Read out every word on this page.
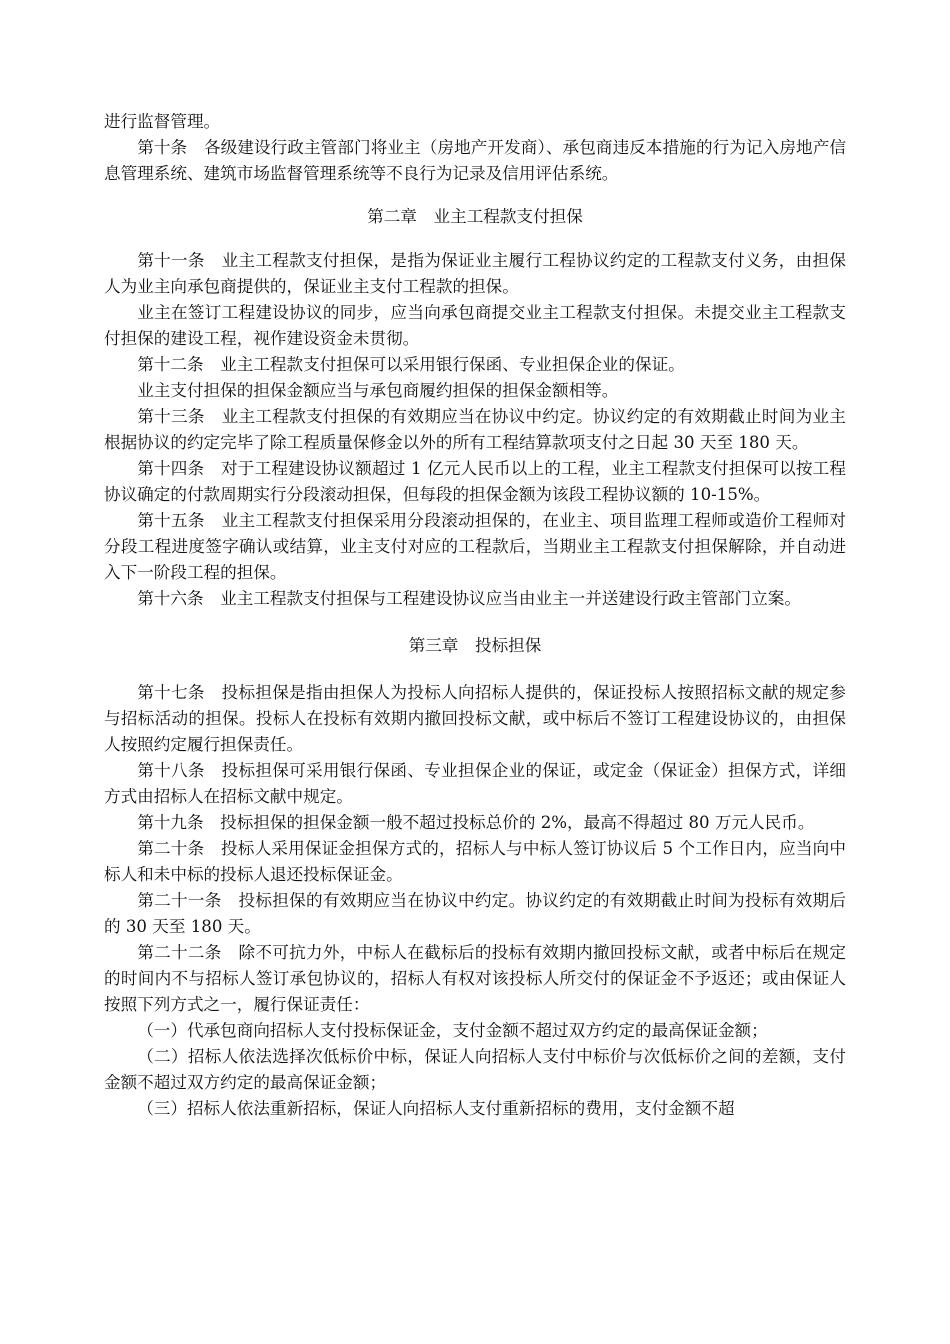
进行监督管理。

第十条　各级建设行政主管部门将业主（房地产开发商）、承包商违反本措施的行为记入房地产信息管理系统、建筑市场监督管理系统等不良行为记录及信用评估系统。

第二章　业主工程款支付担保

第十一条　业主工程款支付担保，是指为保证业主履行工程协议约定的工程款支付义务，由担保人为业主向承包商提供的，保证业主支付工程款的担保。

业主在签订工程建设协议的同步，应当向承包商提交业主工程款支付担保。未提交业主工程款支付担保的建设工程，视作建设资金未贯彻。

第十二条　业主工程款支付担保可以采用银行保函、专业担保企业的保证。

业主支付担保的担保金额应当与承包商履约担保的担保金额相等。

第十三条　业主工程款支付担保的有效期应当在协议中约定。协议约定的有效期截止时间为业主根据协议的约定完毕了除工程质量保修金以外的所有工程结算款项支付之日起 30 天至 180 天。

第十四条　对于工程建设协议额超过 1 亿元人民币以上的工程，业主工程款支付担保可以按工程协议确定的付款周期实行分段滚动担保，但每段的担保金额为该段工程协议额的 10-15%。

第十五条　业主工程款支付担保采用分段滚动担保的，在业主、项目监理工程师或造价工程师对分段工程进度签字确认或结算，业主支付对应的工程款后，当期业主工程款支付担保解除，并自动进入下一阶段工程的担保。

第十六条　业主工程款支付担保与工程建设协议应当由业主一并送建设行政主管部门立案。

第三章　投标担保

第十七条　投标担保是指由担保人为投标人向招标人提供的，保证投标人按照招标文献的规定参与招标活动的担保。投标人在投标有效期内撤回投标文献，或中标后不签订工程建设协议的，由担保人按照约定履行担保责任。

第十八条　投标担保可采用银行保函、专业担保企业的保证，或定金（保证金）担保方式，详细方式由招标人在招标文献中规定。

第十九条　投标担保的担保金额一般不超过投标总价的 2%，最高不得超过 80 万元人民币。

第二十条　投标人采用保证金担保方式的，招标人与中标人签订协议后 5 个工作日内，应当向中标人和未中标的投标人退还投标保证金。

第二十一条　投标担保的有效期应当在协议中约定。协议约定的有效期截止时间为投标有效期后的 30 天至 180 天。

第二十二条　除不可抗力外，中标人在截标后的投标有效期内撤回投标文献，或者中标后在规定的时间内不与招标人签订承包协议的，招标人有权对该投标人所交付的保证金不予返还；或由保证人按照下列方式之一，履行保证责任：

（一）代承包商向招标人支付投标保证金，支付金额不超过双方约定的最高保证金额；

（二）招标人依法选择次低标价中标，保证人向招标人支付中标价与次低标价之间的差额，支付金额不超过双方约定的最高保证金额；

（三）招标人依法重新招标，保证人向招标人支付重新招标的费用，支付金额不超
